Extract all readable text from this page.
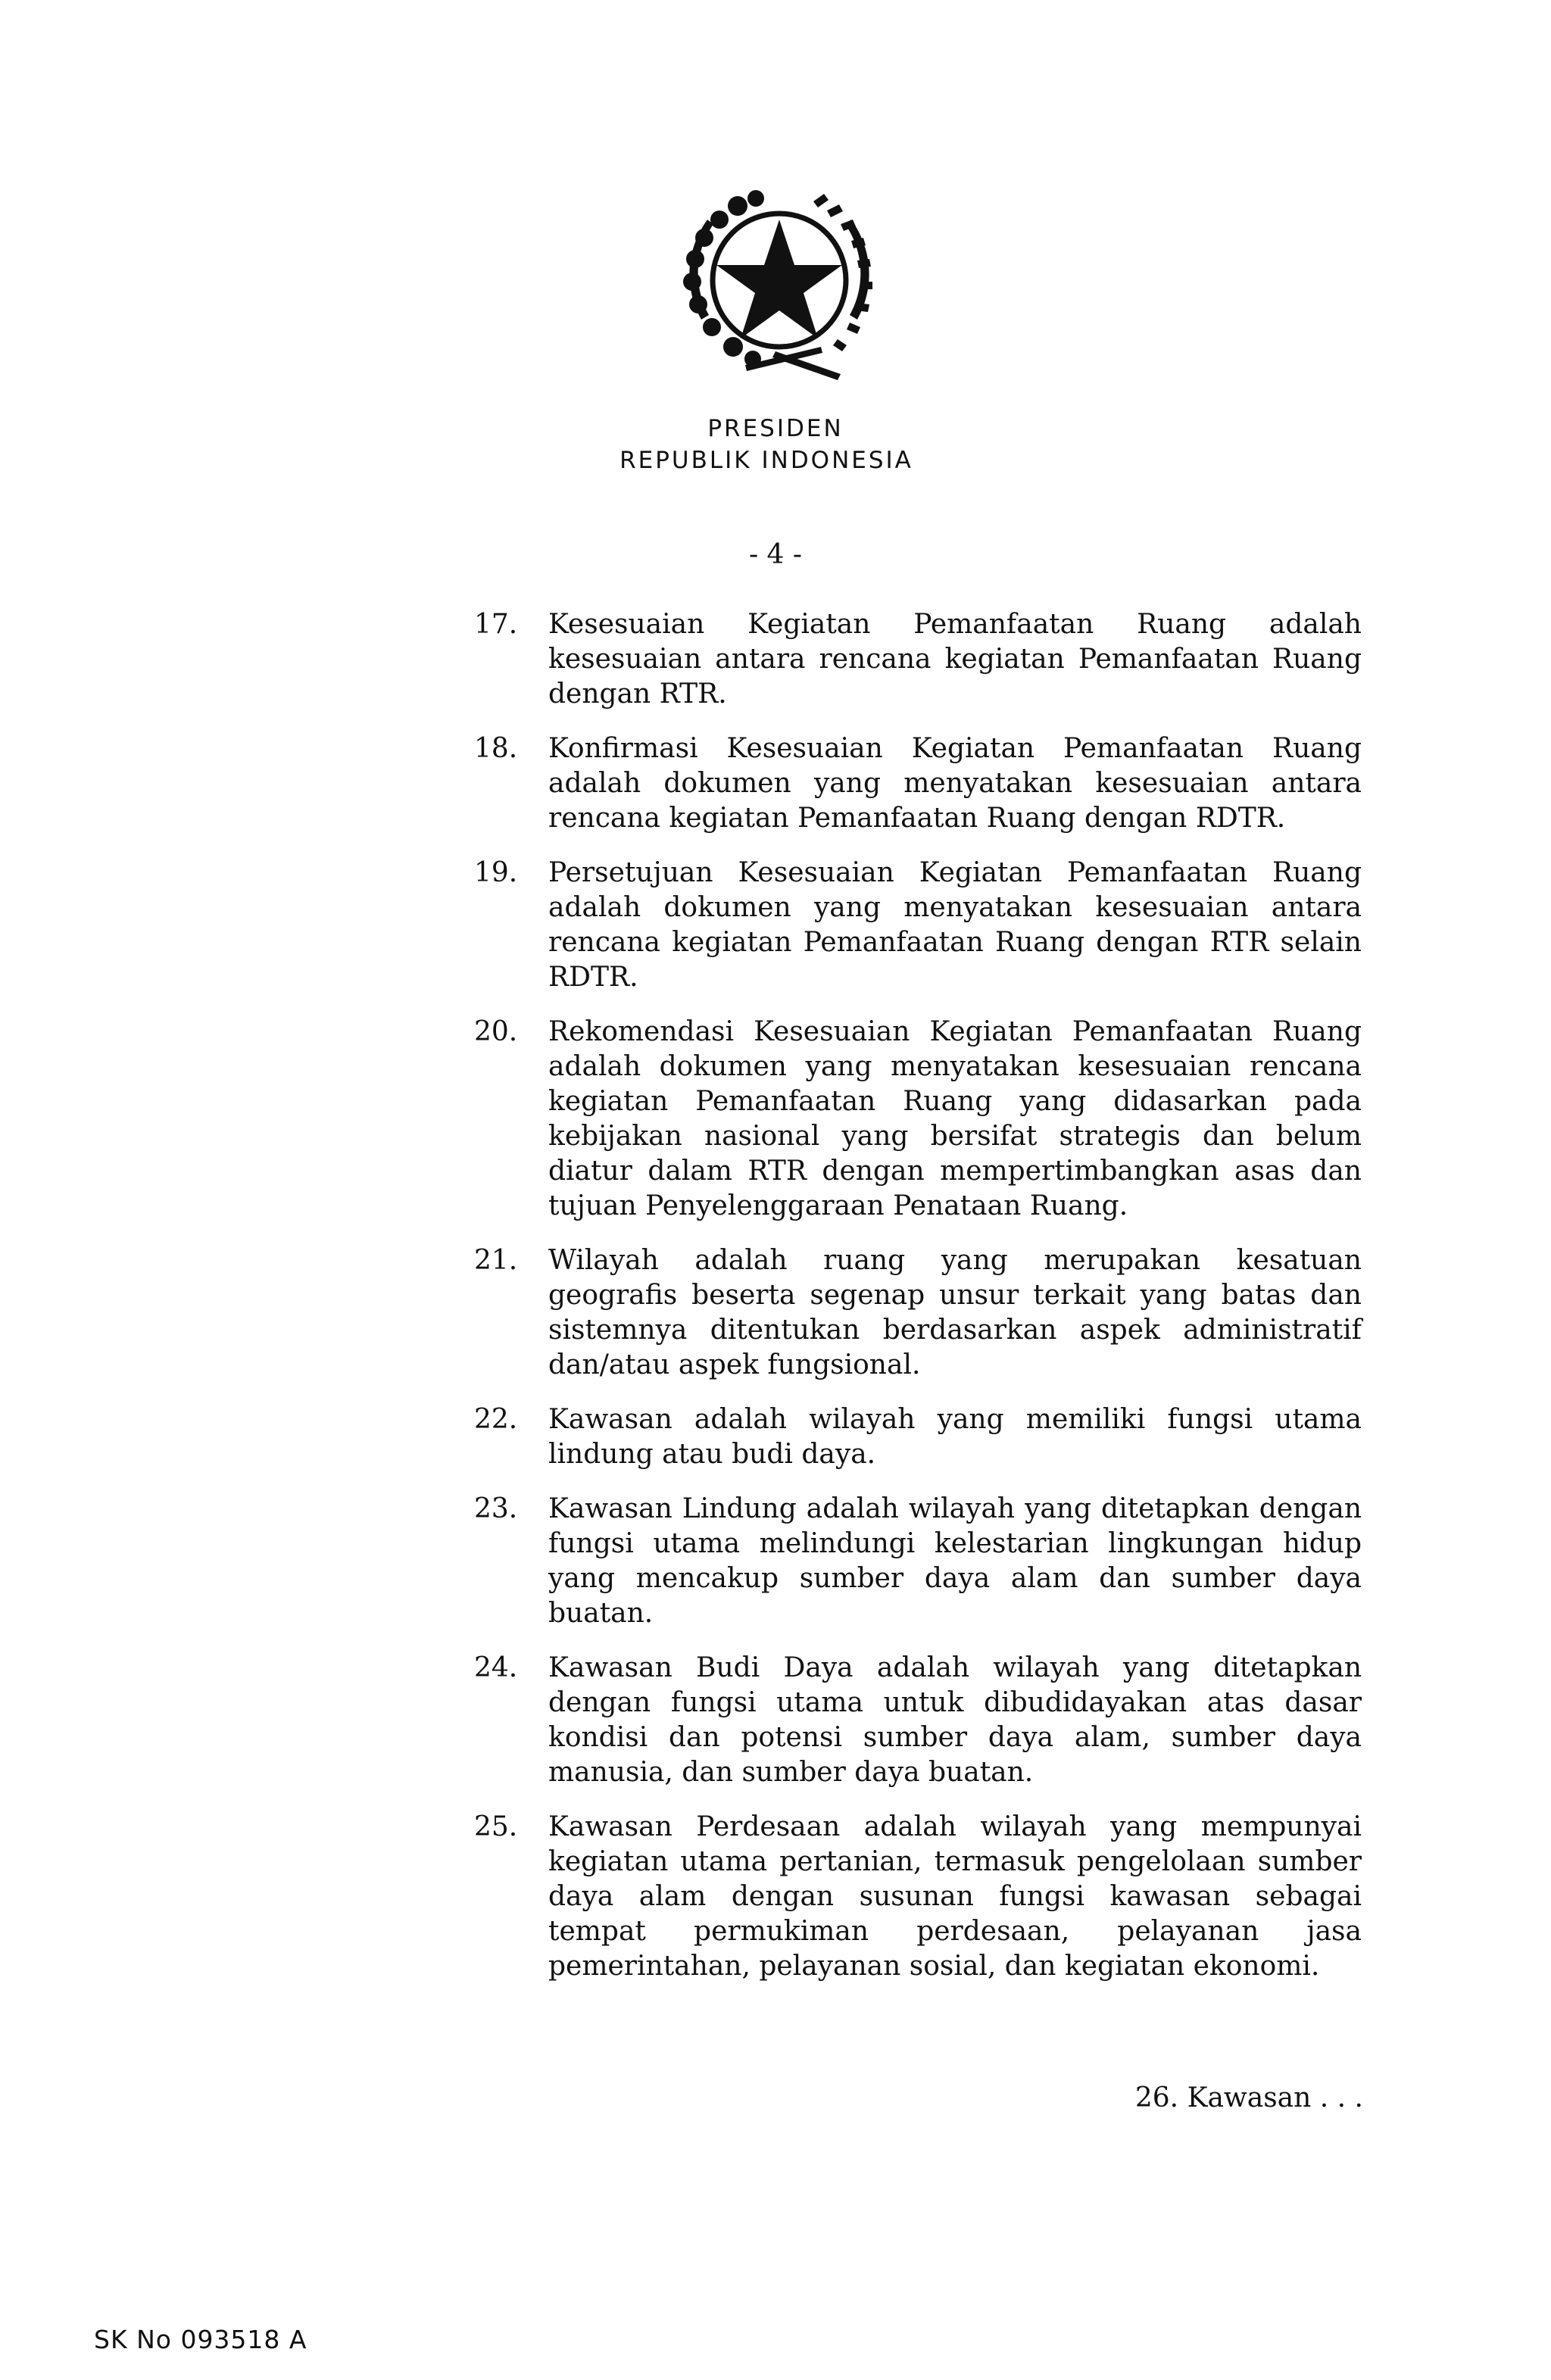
PRESIDEN
REPUBLIK INDONESIA
- 4 -
17. Kesesuaian Kegiatan Pemanfaatan Ruang adalah kesesuaian antara rencana kegiatan Pemanfaatan Ruang dengan RTR.
18. Konfirmasi Kesesuaian Kegiatan Pemanfaatan Ruang adalah dokumen yang menyatakan kesesuaian antara rencana kegiatan Pemanfaatan Ruang dengan RDTR.
19. Persetujuan Kesesuaian Kegiatan Pemanfaatan Ruang adalah dokumen yang menyatakan kesesuaian antara rencana kegiatan Pemanfaatan Ruang dengan RTR selain RDTR.
20. Rekomendasi Kesesuaian Kegiatan Pemanfaatan Ruang adalah dokumen yang menyatakan kesesuaian rencana kegiatan Pemanfaatan Ruang yang didasarkan pada kebijakan nasional yang bersifat strategis dan belum diatur dalam RTR dengan mempertimbangkan asas dan tujuan Penyelenggaraan Penataan Ruang.
21. Wilayah adalah ruang yang merupakan kesatuan geografis beserta segenap unsur terkait yang batas dan sistemnya ditentukan berdasarkan aspek administratif dan/atau aspek fungsional.
22. Kawasan adalah wilayah yang memiliki fungsi utama lindung atau budi daya.
23. Kawasan Lindung adalah wilayah yang ditetapkan dengan fungsi utama melindungi kelestarian lingkungan hidup yang mencakup sumber daya alam dan sumber daya buatan.
24. Kawasan Budi Daya adalah wilayah yang ditetapkan dengan fungsi utama untuk dibudidayakan atas dasar kondisi dan potensi sumber daya alam, sumber daya manusia, dan sumber daya buatan.
25. Kawasan Perdesaan adalah wilayah yang mempunyai kegiatan utama pertanian, termasuk pengelolaan sumber daya alam dengan susunan fungsi kawasan sebagai tempat permukiman perdesaan, pelayanan jasa pemerintahan, pelayanan sosial, dan kegiatan ekonomi.
26. Kawasan . . .
SK No 093518 A
